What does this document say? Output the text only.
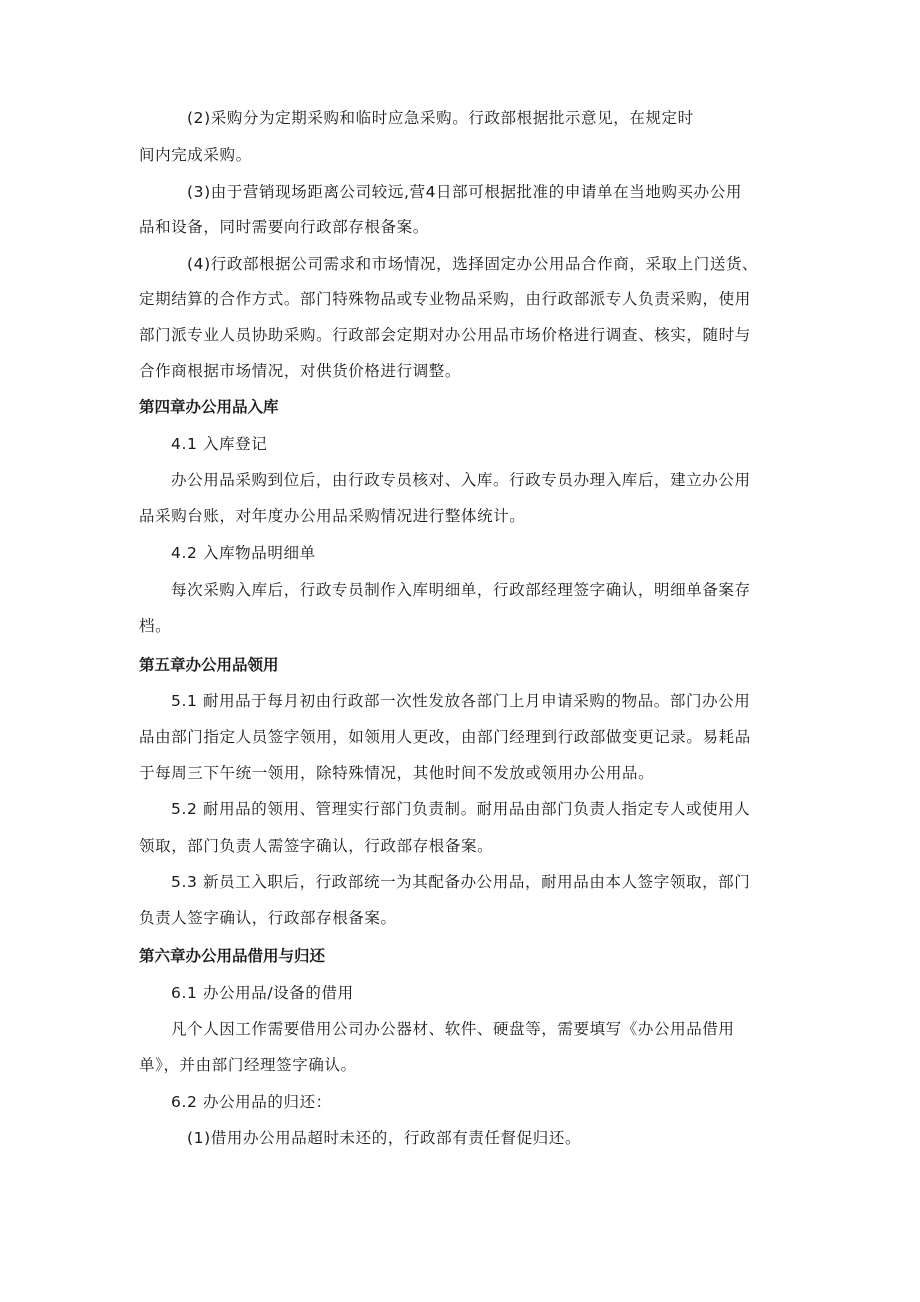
(2)采购分为定期采购和临时应急采购。行政部根据批示意见，在规定时
间内完成采购。
(3)由于营销现场距离公司较远,营4日部可根据批准的申请单在当地购买办公用
品和设备，同时需要向行政部存根备案。
(4)行政部根据公司需求和市场情况，选择固定办公用品合作商，采取上门送货、
定期结算的合作方式。部门特殊物品或专业物品采购，由行政部派专人负责采购，使用
部门派专业人员协助采购。行政部会定期对办公用品市场价格进行调查、核实，随时与
合作商根据市场情况，对供货价格进行调整。
第四章办公用品入库
4.1 入库登记
办公用品采购到位后，由行政专员核对、入库。行政专员办理入库后，建立办公用
品采购台账，对年度办公用品采购情况进行整体统计。
4.2 入库物品明细单
每次采购入库后，行政专员制作入库明细单，行政部经理签字确认，明细单备案存
档。
第五章办公用品领用
5.1 耐用品于每月初由行政部一次性发放各部门上月申请采购的物品。部门办公用
品由部门指定人员签字领用，如领用人更改，由部门经理到行政部做变更记录。易耗品
于每周三下午统一领用，除特殊情况，其他时间不发放或领用办公用品。
5.2 耐用品的领用、管理实行部门负责制。耐用品由部门负责人指定专人或使用人
领取，部门负责人需签字确认，行政部存根备案。
5.3 新员工入职后，行政部统一为其配备办公用品，耐用品由本人签字领取，部门
负责人签字确认，行政部存根备案。
第六章办公用品借用与归还
6.1 办公用品/设备的借用
凡个人因工作需要借用公司办公器材、软件、硬盘等，需要填写《办公用品借用
单》，并由部门经理签字确认。
6.2 办公用品的归还：
(1)借用办公用品超时未还的，行政部有责任督促归还。
